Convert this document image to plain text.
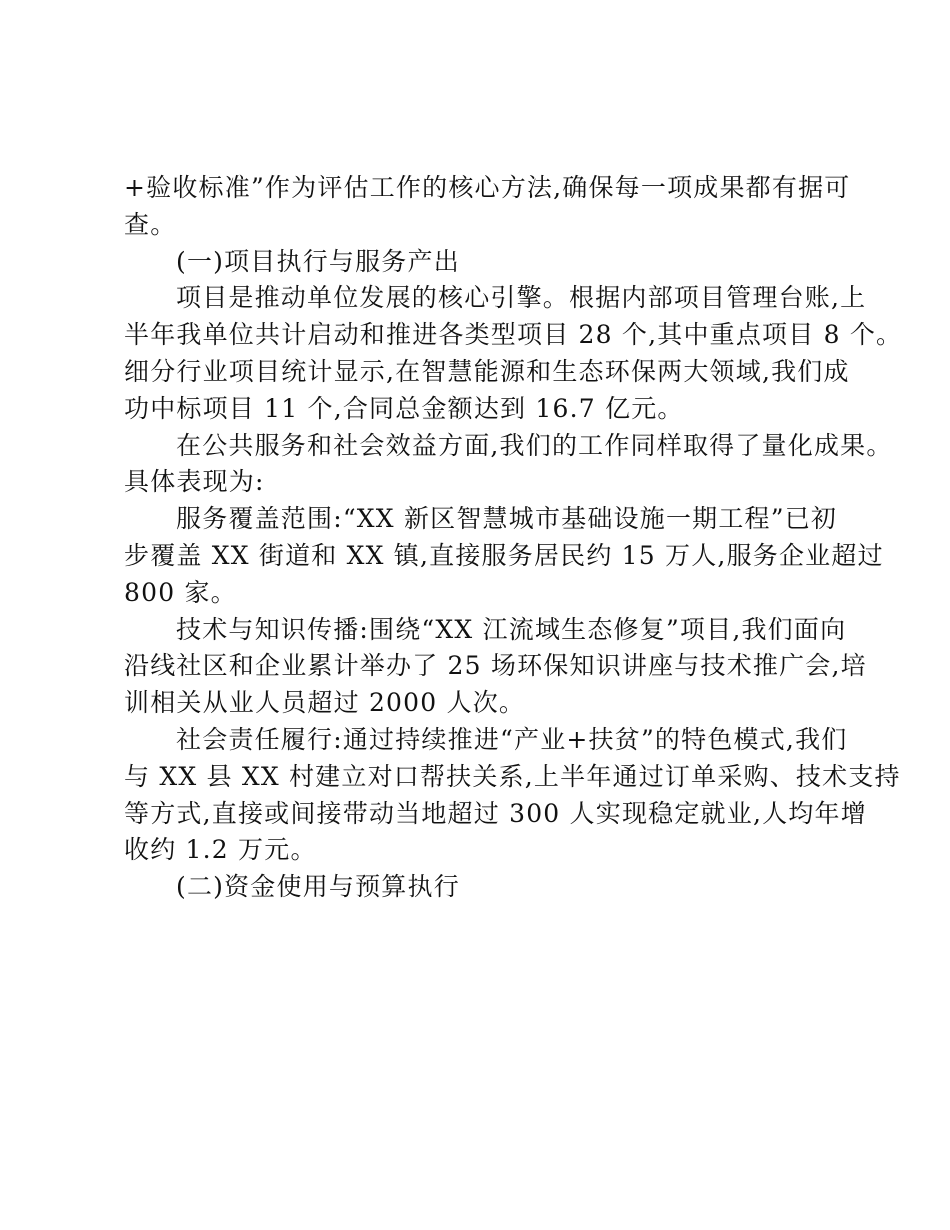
+验收标准”作为评估工作的核心方法,确保每一项成果都有据可
查。
(一)项目执行与服务产出
项目是推动单位发展的核心引擎。根据内部项目管理台账,上
半年我单位共计启动和推进各类型项目 28 个,其中重点项目 8 个。
细分行业项目统计显示,在智慧能源和生态环保两大领域,我们成
功中标项目 11 个,合同总金额达到 16.7 亿元。
在公共服务和社会效益方面,我们的工作同样取得了量化成果。
具体表现为:
服务覆盖范围:“XX 新区智慧城市基础设施一期工程”已初
步覆盖 XX 街道和 XX 镇,直接服务居民约 15 万人,服务企业超过
800 家。
技术与知识传播:围绕“XX 江流域生态修复”项目,我们面向
沿线社区和企业累计举办了 25 场环保知识讲座与技术推广会,培
训相关从业人员超过 2000 人次。
社会责任履行:通过持续推进“产业+扶贫”的特色模式,我们
与 XX 县 XX 村建立对口帮扶关系,上半年通过订单采购、技术支持
等方式,直接或间接带动当地超过 300 人实现稳定就业,人均年增
收约 1.2 万元。
(二)资金使用与预算执行
